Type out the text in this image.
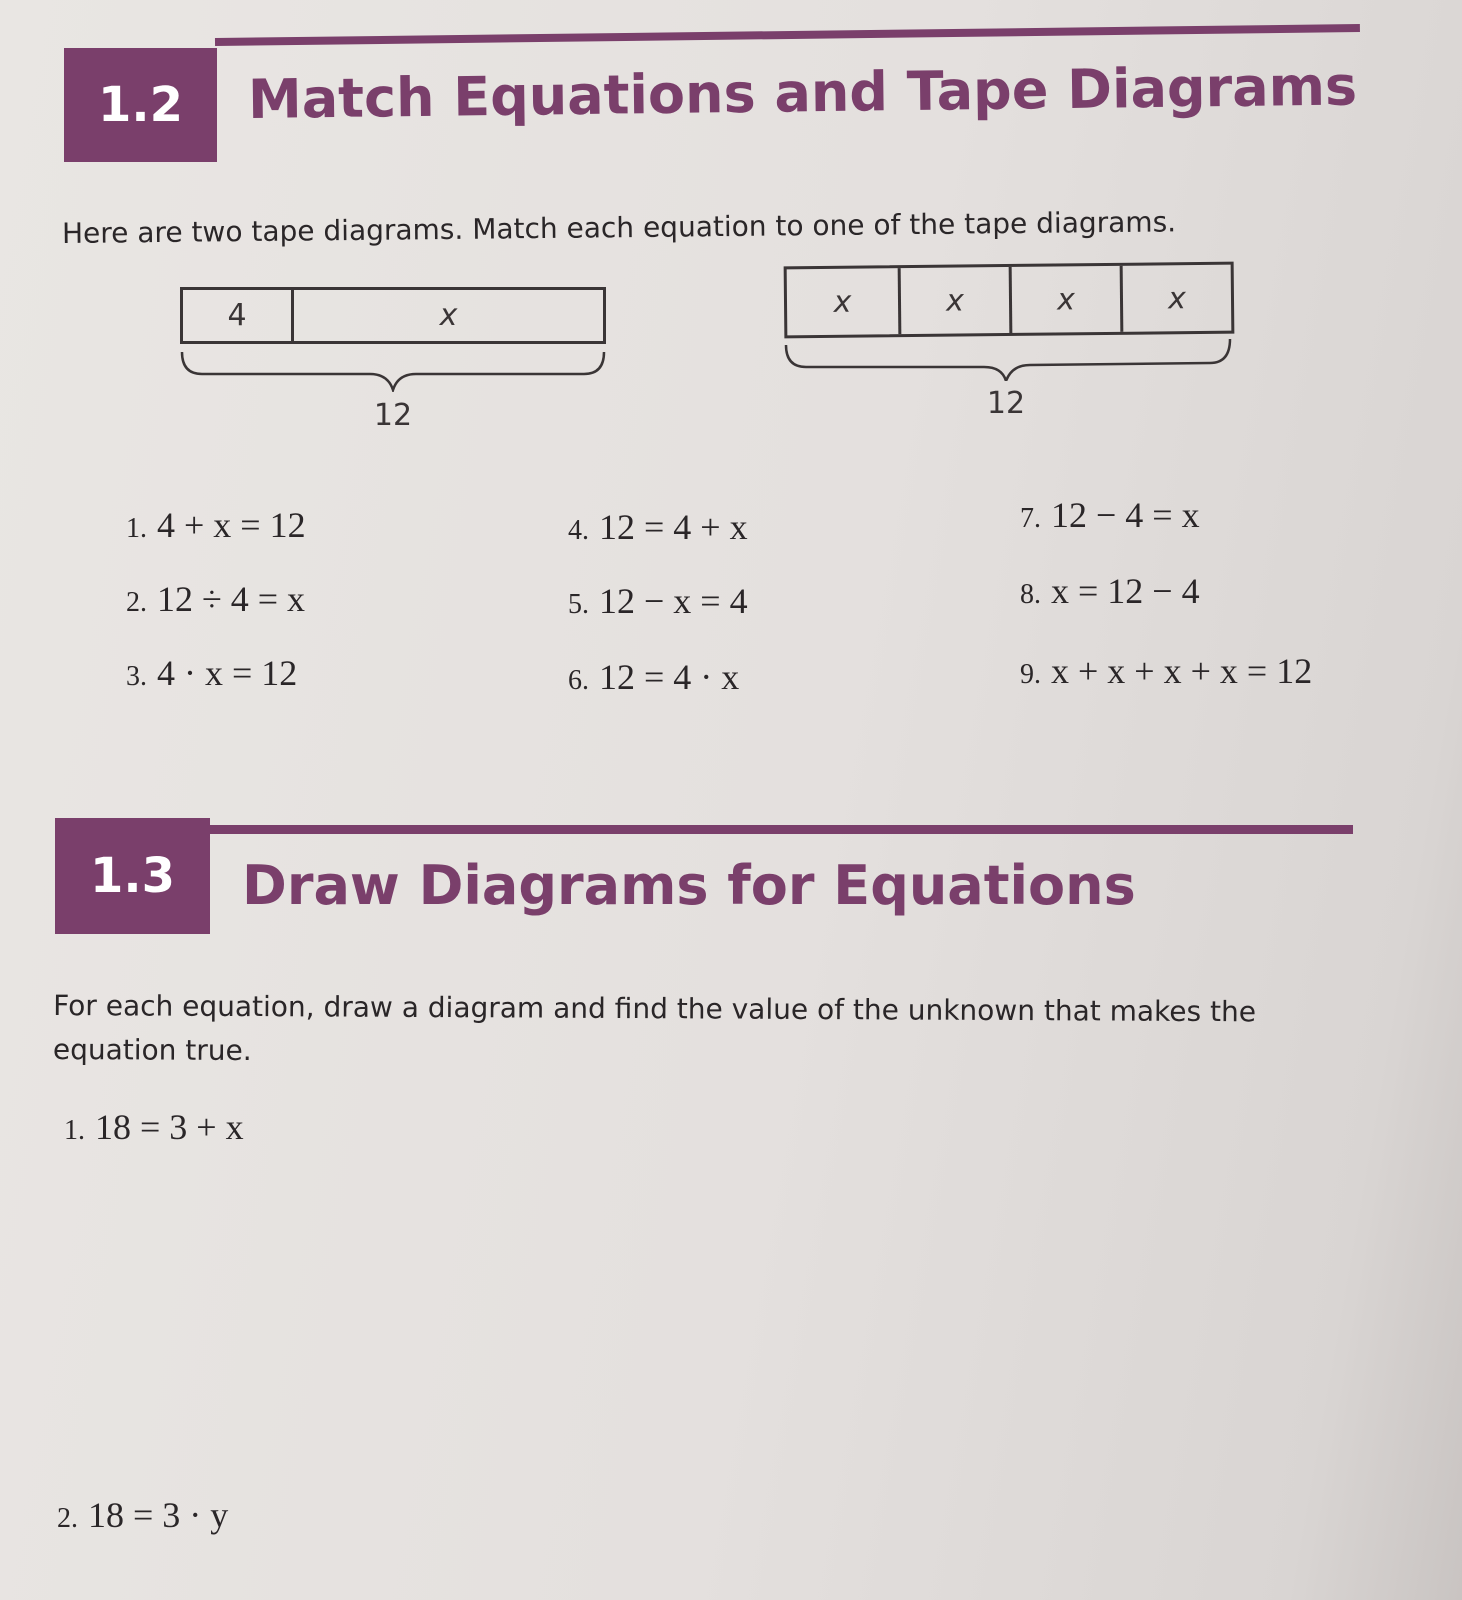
1.2	Match Equations and Tape Diagrams
Here are two tape diagrams. Match each equation to one of the tape diagrams.
4	x
12
x	x	x	x
12
1. 4 + x = 12
2. 12 ÷ 4 = x
3. 4 · x = 12
4. 12 = 4 + x
5. 12 − x = 4
6. 12 = 4 · x
7. 12 − 4 = x
8. x = 12 − 4
9. x + x + x + x = 12
1.3	Draw Diagrams for Equations
For each equation, draw a diagram and find the value of the unknown that makes the equation true.
1. 18 = 3 + x
2. 18 = 3 · y
